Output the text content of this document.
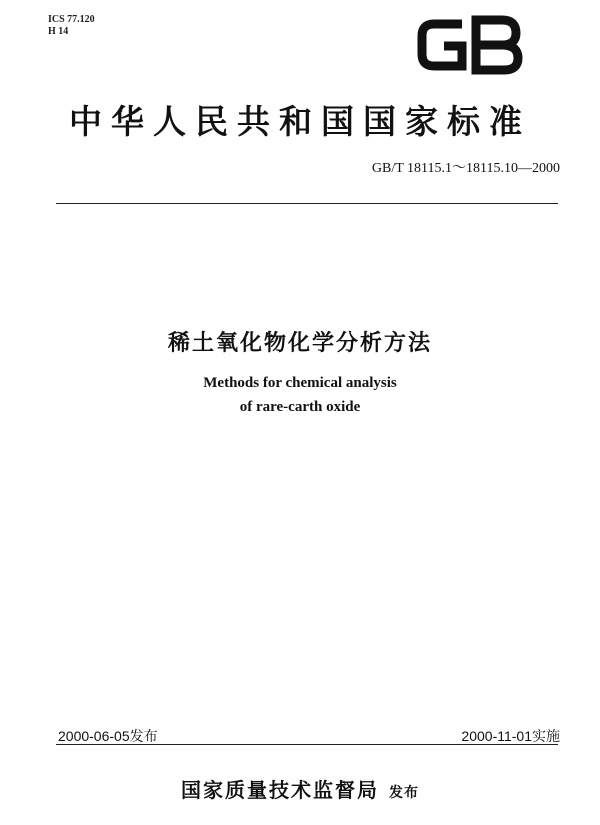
ICS 77.120
H 14
GB
中华人民共和国国家标准
GB/T 18115.1～18115.10—2000
稀土氧化物化学分析方法
Methods for chemical analysis
of rare-carth oxide
2000-06-05发布	2000-11-01实施
国家质量技术监督局 发布
